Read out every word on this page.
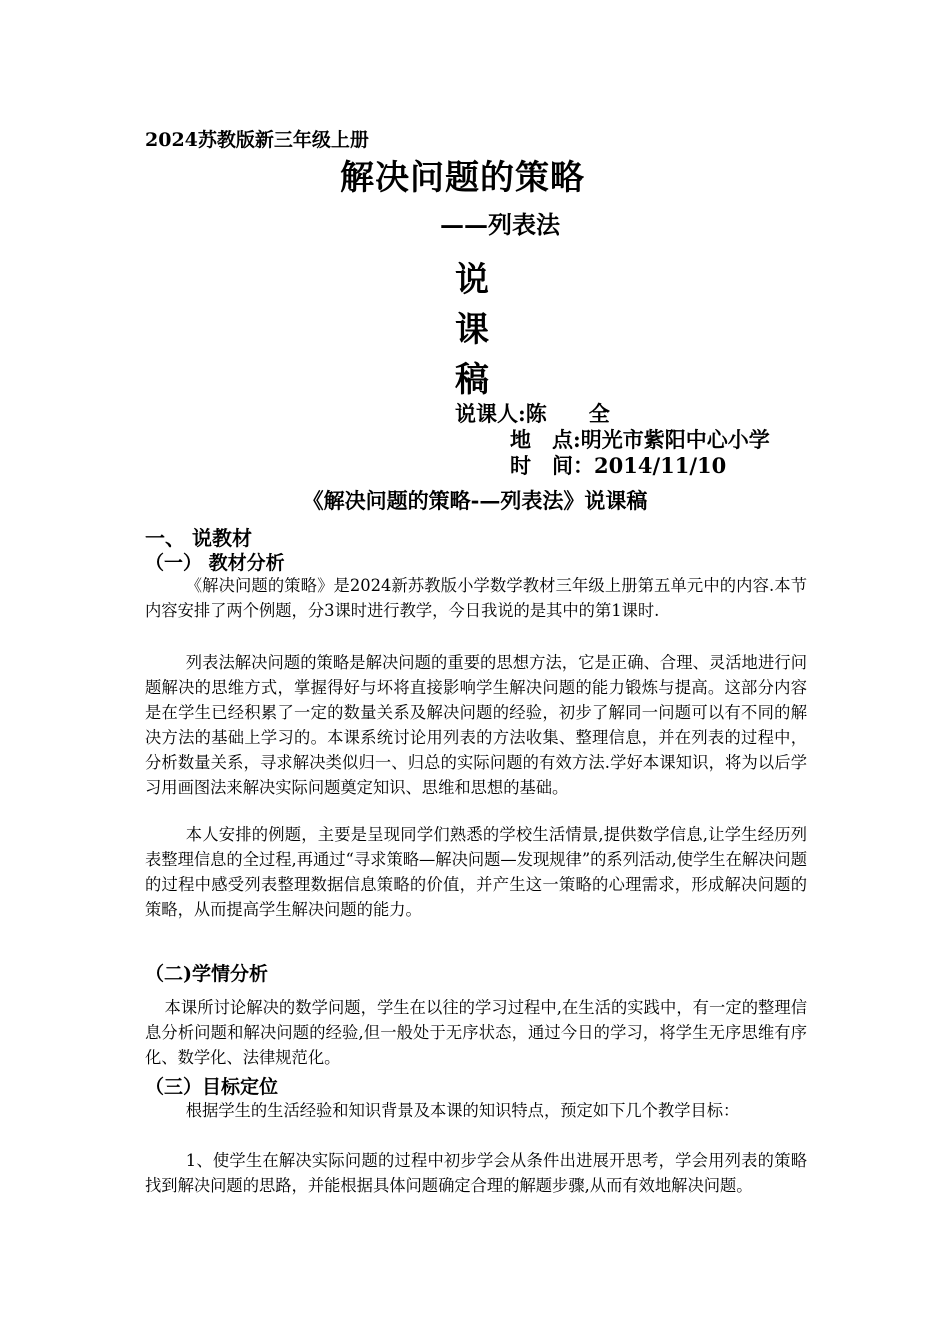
2024苏教版新三年级上册
解决问题的策略
——列表法
说
课
稿
说课人:陈　　全
地　点:明光市紫阳中心小学
时　间：2014/11/10
《解决问题的策略-—列表法》说课稿
一、 说教材
（一） 教材分析

《解决问题的策略》是2024新苏教版小学数学教材三年级上册第五单元中的内容.本节内容安排了两个例题，分3课时进行教学，今日我说的是其中的第1课时.

列表法解决问题的策略是解决问题的重要的思想方法，它是正确、合理、灵活地进行问题解决的思维方式，掌握得好与坏将直接影响学生解决问题的能力锻炼与提高。这部分内容是在学生已经积累了一定的数量关系及解决问题的经验，初步了解同一问题可以有不同的解决方法的基础上学习的。本课系统讨论用列表的方法收集、整理信息，并在列表的过程中，分析数量关系，寻求解决类似归一、归总的实际问题的有效方法.学好本课知识，将为以后学习用画图法来解决实际问题奠定知识、思维和思想的基础。

本人安排的例题，主要是呈现同学们熟悉的学校生活情景,提供数学信息,让学生经历列表整理信息的全过程,再通过“寻求策略—解决问题—发现规律”的系列活动,使学生在解决问题的过程中感受列表整理数据信息策略的价值，并产生这一策略的心理需求，形成解决问题的策略，从而提高学生解决问题的能力。

（二)学情分析

本课所讨论解决的数学问题，学生在以往的学习过程中,在生活的实践中，有一定的整理信息分析问题和解决问题的经验,但一般处于无序状态，通过今日的学习，将学生无序思维有序化、数学化、法律规范化。

（三）目标定位

根据学生的生活经验和知识背景及本课的知识特点，预定如下几个教学目标：

1、使学生在解决实际问题的过程中初步学会从条件出进展开思考，学会用列表的策略找到解决问题的思路，并能根据具体问题确定合理的解题步骤,从而有效地解决问题。
